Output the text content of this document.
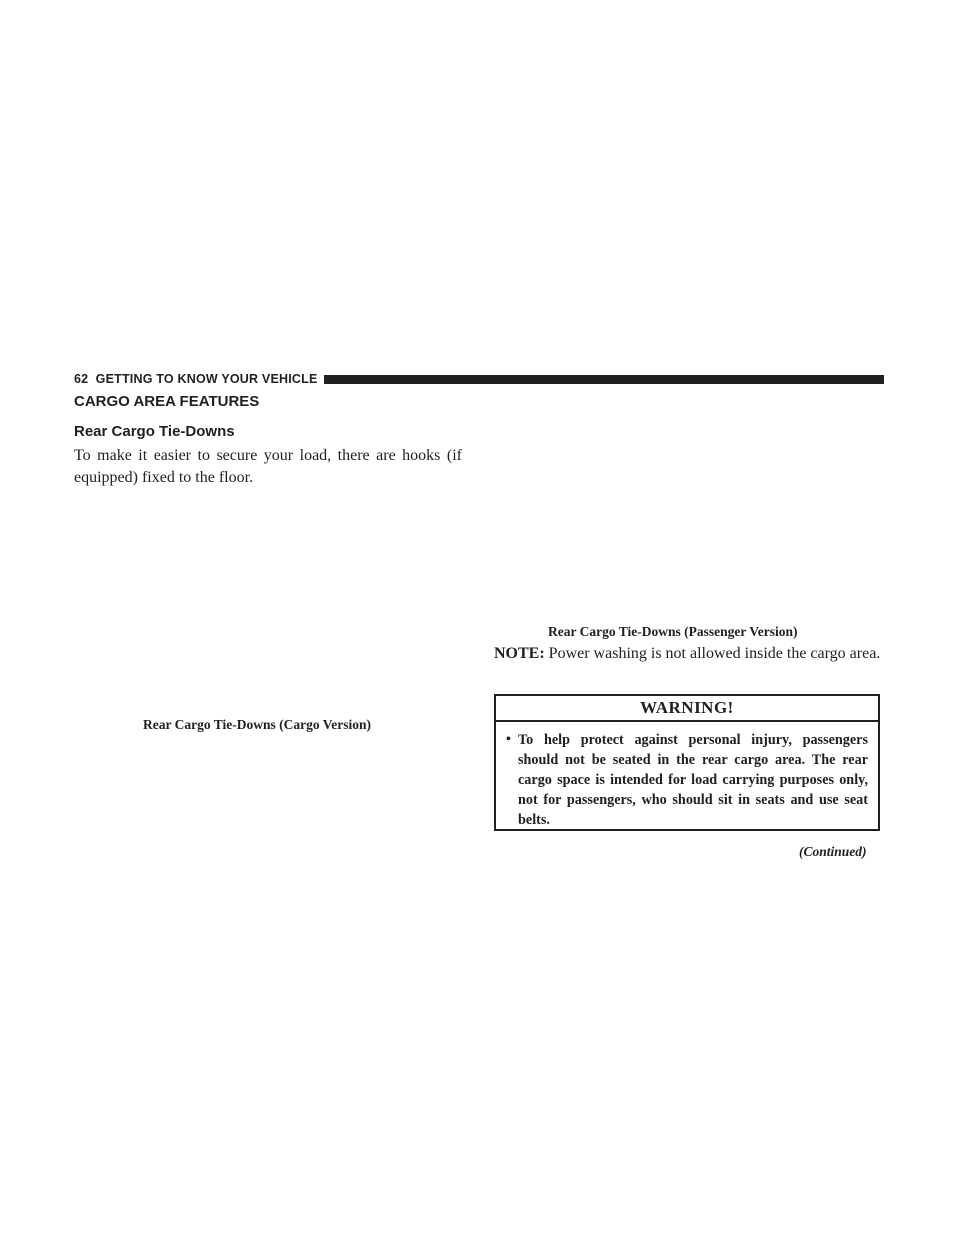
62
GETTING TO KNOW YOUR VEHICLE
CARGO AREA FEATURES
Rear Cargo Tie-Downs

To make it easier to secure your load, there are hooks (if equipped) fixed to the floor.

Rear Cargo Tie-Downs (Cargo Version)
Rear Cargo Tie-Downs (Passenger Version)

NOTE: Power washing is not allowed inside the cargo area.

WARNING!
• To help protect against personal injury, passengers should not be seated in the rear cargo area. The rear cargo space is intended for load carrying purposes only, not for passengers, who should sit in seats and use seat belts.

(Continued)
